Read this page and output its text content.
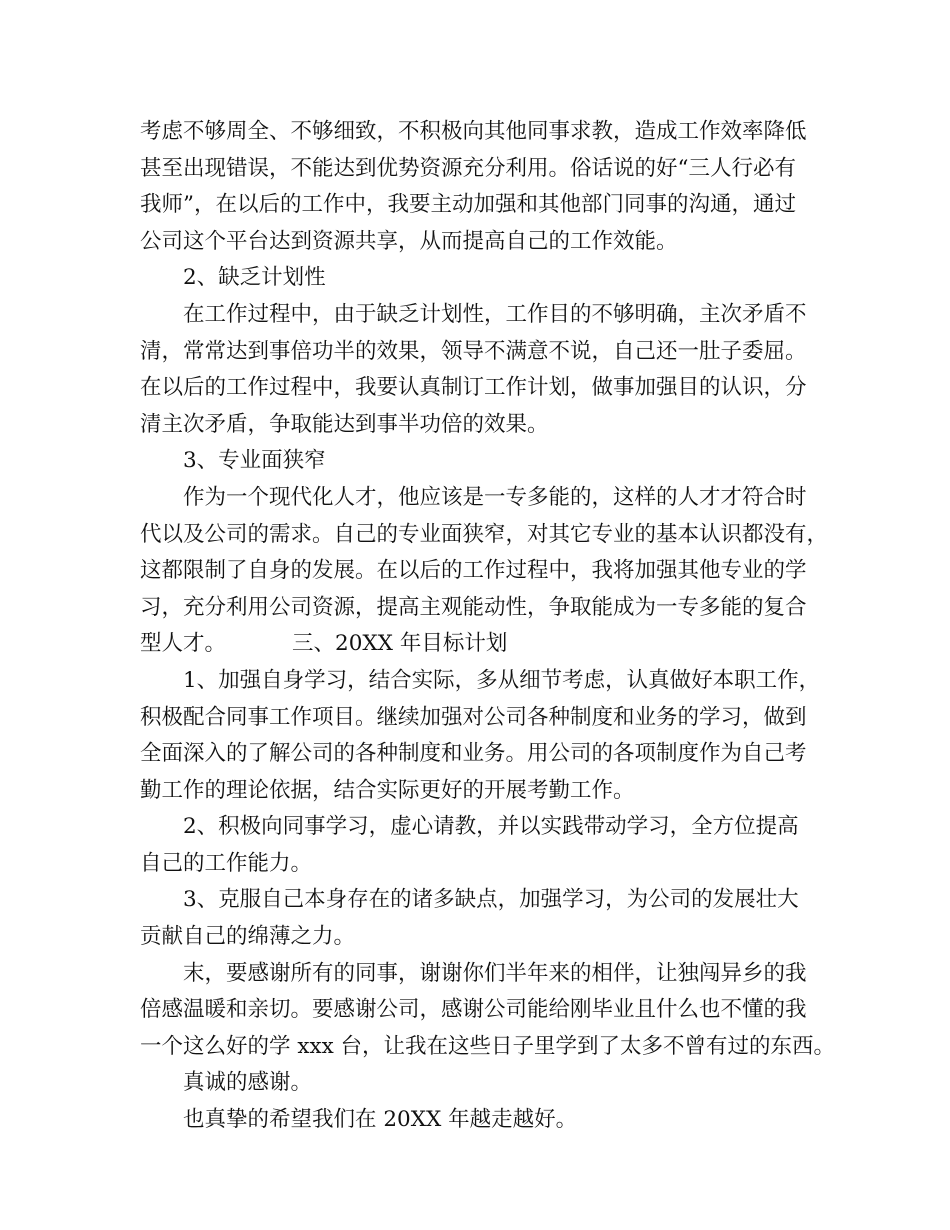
考虑不够周全、不够细致，不积极向其他同事求教，造成工作效率降低

甚至出现错误，不能达到优势资源充分利用。俗话说的好“三人行必有

我师”，在以后的工作中，我要主动加强和其他部门同事的沟通，通过

公司这个平台达到资源共享，从而提高自己的工作效能。

2、缺乏计划性

在工作过程中，由于缺乏计划性，工作目的不够明确，主次矛盾不

清，常常达到事倍功半的效果，领导不满意不说，自己还一肚子委屈。

在以后的工作过程中，我要认真制订工作计划，做事加强目的认识，分

清主次矛盾，争取能达到事半功倍的效果。

3、专业面狭窄

作为一个现代化人才，他应该是一专多能的，这样的人才才符合时

代以及公司的需求。自己的专业面狭窄，对其它专业的基本认识都没有，

这都限制了自身的发展。在以后的工作过程中，我将加强其他专业的学

习，充分利用公司资源，提高主观能动性，争取能成为一专多能的复合

型人才。	三、20XX 年目标计划

1、加强自身学习，结合实际，多从细节考虑，认真做好本职工作，

积极配合同事工作项目。继续加强对公司各种制度和业务的学习，做到

全面深入的了解公司的各种制度和业务。用公司的各项制度作为自己考

勤工作的理论依据，结合实际更好的开展考勤工作。

2、积极向同事学习，虚心请教，并以实践带动学习，全方位提高

自己的工作能力。

3、克服自己本身存在的诸多缺点，加强学习，为公司的发展壮大

贡献自己的绵薄之力。

末，要感谢所有的同事，谢谢你们半年来的相伴，让独闯异乡的我

倍感温暖和亲切。要感谢公司，感谢公司能给刚毕业且什么也不懂的我

一个这么好的学 xxx 台，让我在这些日子里学到了太多不曾有过的东西。

真诚的感谢。

也真挚的希望我们在 20XX 年越走越好。
